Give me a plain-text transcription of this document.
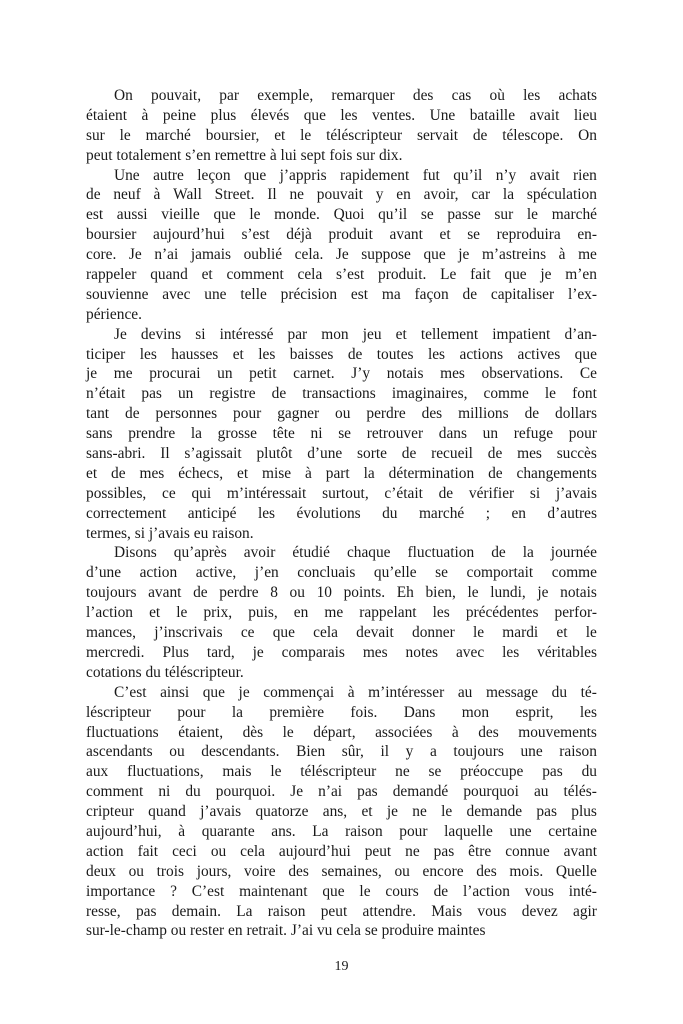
On pouvait, par exemple, remarquer des cas où les achats
étaient à peine plus élevés que les ventes. Une bataille avait lieu
sur le marché boursier, et le téléscripteur servait de télescope. On
peut
totalement
s’en
remettre
à
lui
sept
fois
sur
dix.
Une autre leçon que j’appris rapidement fut qu’il n’y avait rien
de neuf à Wall Street. Il ne pouvait y en avoir, car la spéculation
est aussi vieille que le monde. Quoi qu’il se passe sur le marché
boursier aujourd’hui s’est déjà produit avant et se reproduira en-
core. Je n’ai jamais oublié cela. Je suppose que je m’astreins à me
rappeler quand et comment cela s’est produit. Le fait que je m’en
souvienne avec une telle précision est ma façon de capitaliser l’ex-
périence.
Je devins si intéressé par mon jeu et tellement impatient d’an-
ticiper les hausses et les baisses de toutes les actions actives que
je me procurai un petit carnet. J’y notais mes observations. Ce
n’était pas un registre de transactions imaginaires, comme le font
tant de personnes pour gagner ou perdre des millions de dollars
sans prendre la grosse tête ni se retrouver dans un refuge pour
sans-abri. Il s’agissait plutôt d’une sorte de recueil de mes succès
et de mes échecs, et mise à part la détermination de changements
possibles, ce qui m’intéressait surtout, c’était de vérifier si j’avais
correctement anticipé les évolutions du marché ; en d’autres
termes,
si
j’avais
eu
raison.
Disons qu’après avoir étudié chaque fluctuation de la journée
d’une action active, j’en concluais qu’elle se comportait comme
toujours avant de perdre 8 ou 10 points. Eh bien, le lundi, je notais
l’action et le prix, puis, en me rappelant les précédentes perfor-
mances, j’inscrivais ce que cela devait donner le mardi et le
mercredi. Plus tard, je comparais mes notes avec les véritables
cotations
du
téléscripteur.
C’est ainsi que je commençai à m’intéresser au message du té-
léscripteur pour la première fois. Dans mon esprit, les
fluctuations étaient, dès le départ, associées à des mouvements
ascendants ou descendants. Bien sûr, il y a toujours une raison
aux fluctuations, mais le téléscripteur ne se préoccupe pas du
comment ni du pourquoi. Je n’ai pas demandé pourquoi au télés-
cripteur quand j’avais quatorze ans, et je ne le demande pas plus
aujourd’hui, à quarante ans. La raison pour laquelle une certaine
action fait ceci ou cela aujourd’hui peut ne pas être connue avant
deux ou trois jours, voire des semaines, ou encore des mois. Quelle
importance ? C’est maintenant que le cours de l’action vous inté-
resse, pas demain. La raison peut attendre. Mais vous devez agir
sur-le-champ
ou
rester
en
retrait.
J’ai
vu
cela
se
produire
maintes
19
